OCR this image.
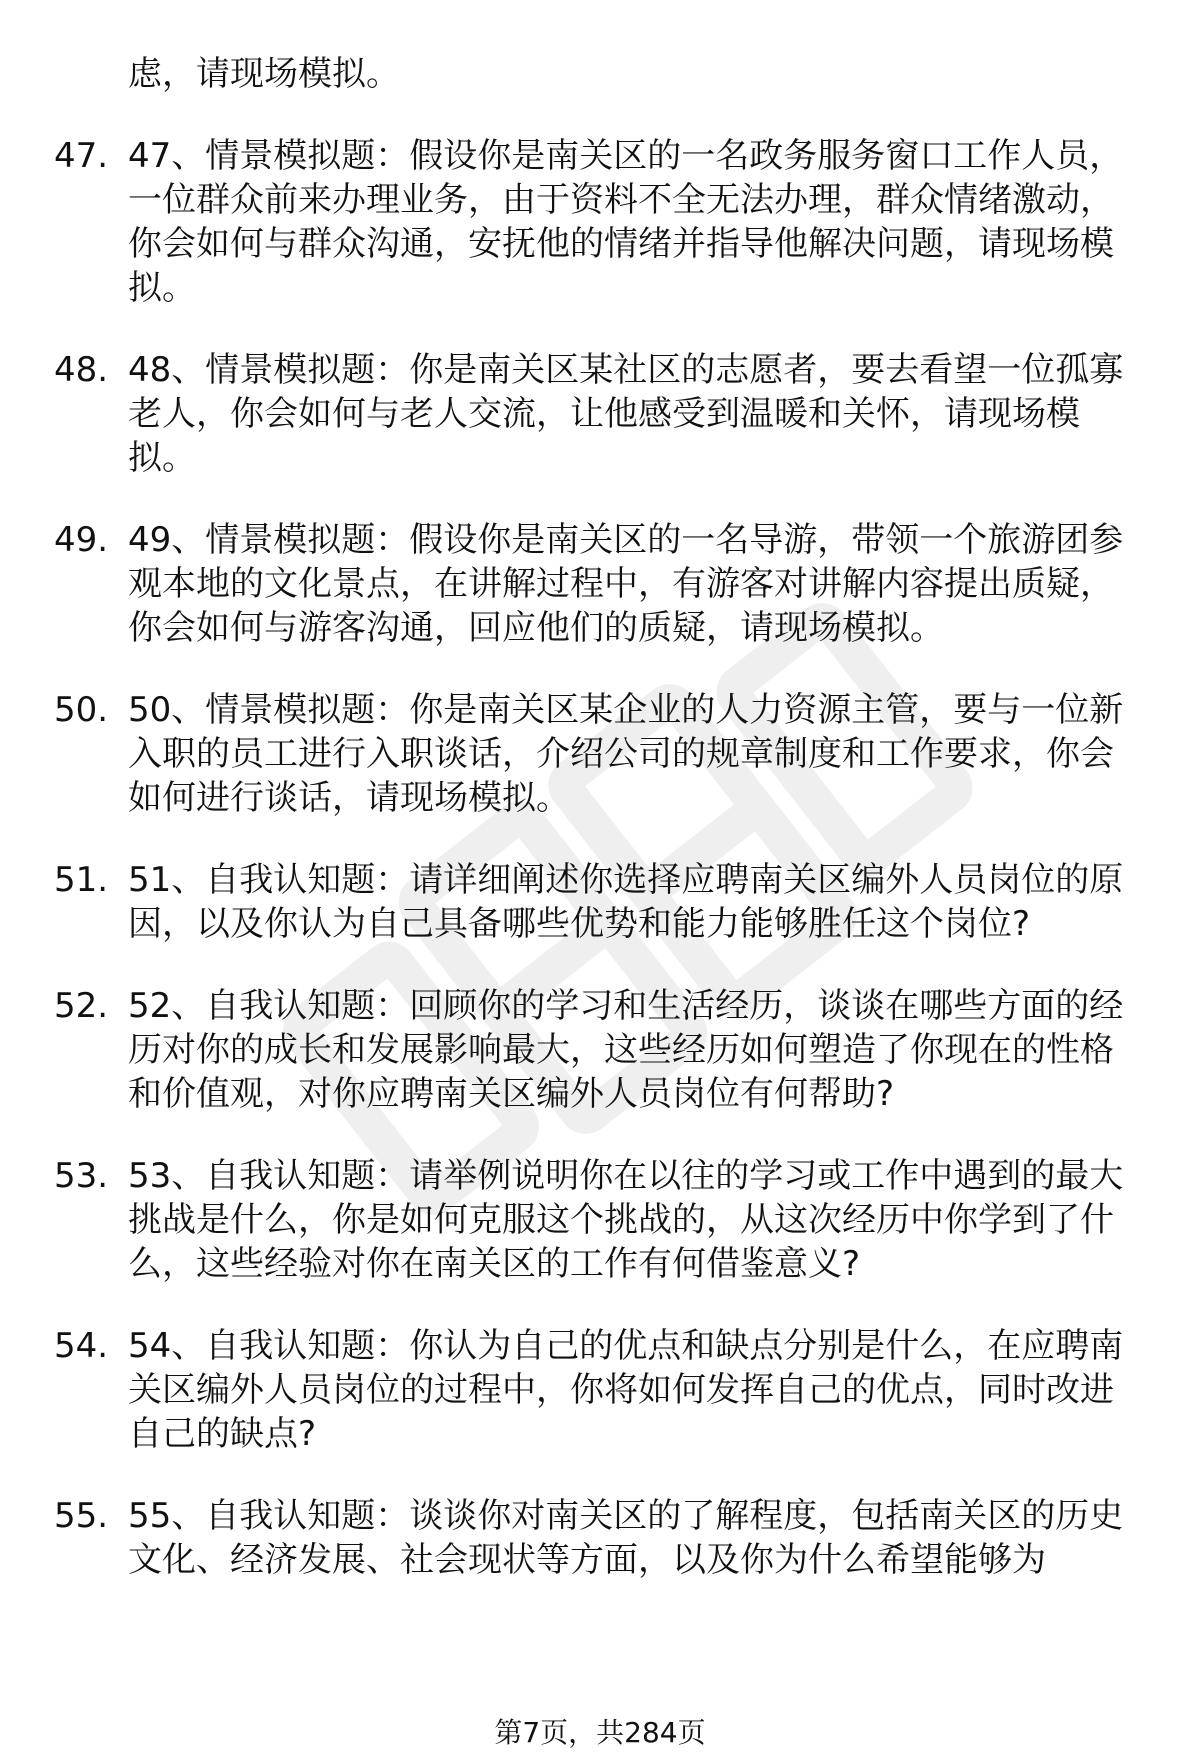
虑，请现场模拟。
47. 47、情景模拟题：假设你是南关区的一名政务服务窗口工作人员，一位群众前来办理业务，由于资料不全无法办理，群众情绪激动，你会如何与群众沟通，安抚他的情绪并指导他解决问题，请现场模拟。
48. 48、情景模拟题：你是南关区某社区的志愿者，要去看望一位孤寡老人，你会如何与老人交流，让他感受到温暖和关怀，请现场模拟。
49. 49、情景模拟题：假设你是南关区的一名导游，带领一个旅游团参观本地的文化景点，在讲解过程中，有游客对讲解内容提出质疑，你会如何与游客沟通，回应他们的质疑，请现场模拟。
50. 50、情景模拟题：你是南关区某企业的人力资源主管，要与一位新入职的员工进行入职谈话，介绍公司的规章制度和工作要求，你会如何进行谈话，请现场模拟。
51. 51、自我认知题：请详细阐述你选择应聘南关区编外人员岗位的原因，以及你认为自己具备哪些优势和能力能够胜任这个岗位?
52. 52、自我认知题：回顾你的学习和生活经历，谈谈在哪些方面的经历对你的成长和发展影响最大，这些经历如何塑造了你现在的性格和价值观，对你应聘南关区编外人员岗位有何帮助?
53. 53、自我认知题：请举例说明你在以往的学习或工作中遇到的最大挑战是什么，你是如何克服这个挑战的，从这次经历中你学到了什么，这些经验对你在南关区的工作有何借鉴意义?
54. 54、自我认知题：你认为自己的优点和缺点分别是什么，在应聘南关区编外人员岗位的过程中，你将如何发挥自己的优点，同时改进自己的缺点?
55. 55、自我认知题：谈谈你对南关区的了解程度，包括南关区的历史文化、经济发展、社会现状等方面，以及你为什么希望能够为
第7页，共284页
